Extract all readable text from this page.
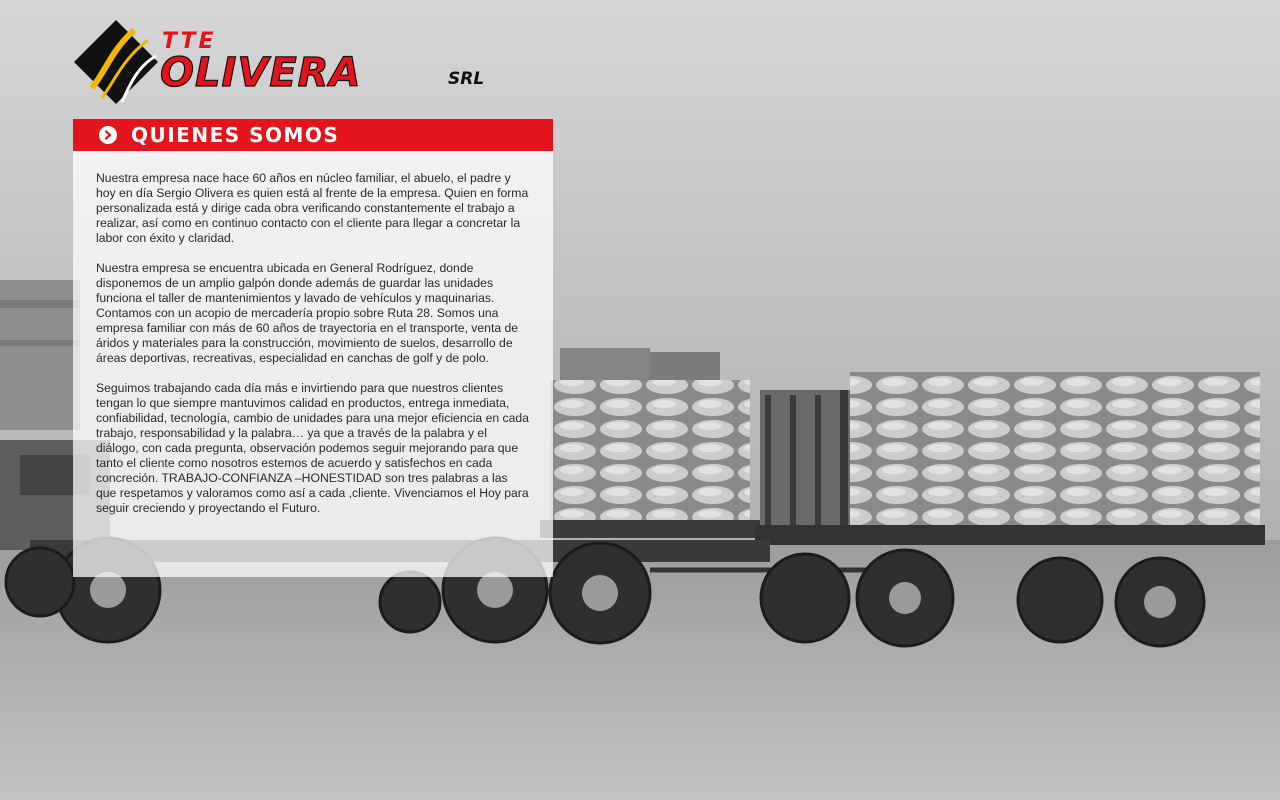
TTE
OLIVERA	SRL
QUIENES SOMOS

Nuestra empresa nace hace 60 años en núcleo familiar, el abuelo, el padre y hoy en día Sergio Olivera es quien está al frente de la empresa. Quien en forma personalizada está y dirige cada obra verificando constantemente el trabajo a realizar, así como en continuo contacto con el cliente para llegar a concretar la labor con éxito y claridad.

Nuestra empresa se encuentra ubicada en General Rodríguez, donde disponemos de un amplio galpón donde además de guardar las unidades funciona el taller de mantenimientos y lavado de vehículos y maquinarias. Contamos con un acopio de mercadería propio sobre Ruta 28. Somos una empresa familiar con más de 60 años de trayectoria en el transporte, venta de áridos y materiales para la construcción, movimiento de suelos, desarrollo de áreas deportivas, recreativas, especialidad en canchas de golf y de polo.

Seguimos trabajando cada día más e invirtiendo para que nuestros clientes tengan lo que siempre mantuvimos calidad en productos, entrega inmediata, confiabilidad, tecnología, cambio de unidades para una mejor eficiencia en cada trabajo, responsabilidad y la palabra… ya que a través de la palabra y el diálogo, con cada pregunta, observación podemos seguir mejorando para que tanto el cliente como nosotros estemos de acuerdo y satisfechos en cada concreción. TRABAJO-CONFIANZA –HONESTIDAD son tres palabras a las que respetamos y valoramos como así a cada ,cliente. Vivenciamos el Hoy para seguir creciendo y proyectando el Futuro.
